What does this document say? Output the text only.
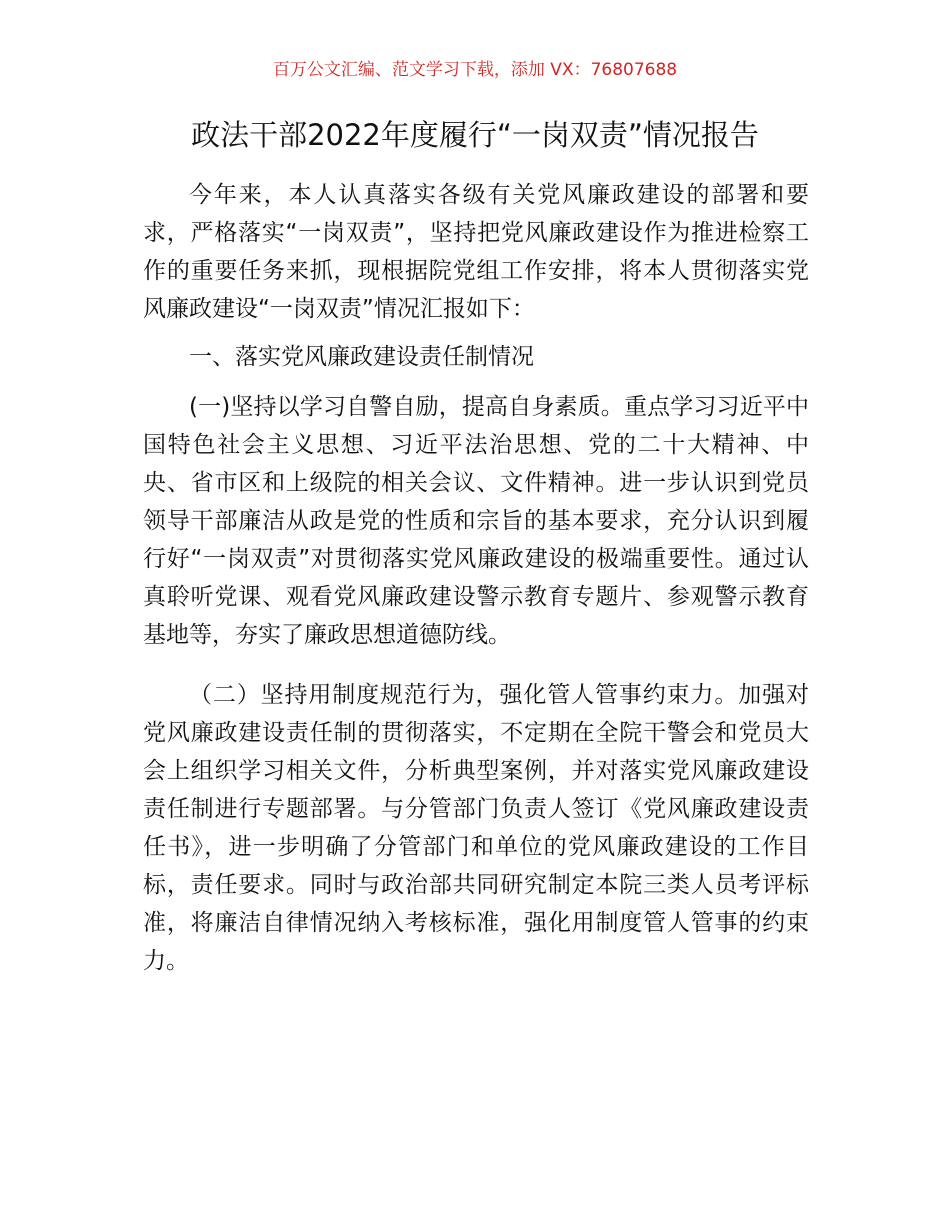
百万公文汇编、范文学习下载，添加 VX：76807688
政法干部2022年度履行“一岗双责”情况报告

今年来，本人认真落实各级有关党风廉政建设的部署和要求，严格落实“一岗双责”，坚持把党风廉政建设作为推进检察工作的重要任务来抓，现根据院党组工作安排，将本人贯彻落实党风廉政建设“一岗双责”情况汇报如下：

一、落实党风廉政建设责任制情况

(一)坚持以学习自警自励，提高自身素质。重点学习习近平中国特色社会主义思想、习近平法治思想、党的二十大精神、中央、省市区和上级院的相关会议、文件精神。进一步认识到党员领导干部廉洁从政是党的性质和宗旨的基本要求，充分认识到履行好“一岗双责”对贯彻落实党风廉政建设的极端重要性。通过认真聆听党课、观看党风廉政建设警示教育专题片、参观警示教育基地等，夯实了廉政思想道德防线。

（二）坚持用制度规范行为，强化管人管事约束力。加强对党风廉政建设责任制的贯彻落实，不定期在全院干警会和党员大会上组织学习相关文件，分析典型案例，并对落实党风廉政建设责任制进行专题部署。与分管部门负责人签订《党风廉政建设责任书》，进一步明确了分管部门和单位的党风廉政建设的工作目标，责任要求。同时与政治部共同研究制定本院三类人员考评标准，将廉洁自律情况纳入考核标准，强化用制度管人管事的约束力。
